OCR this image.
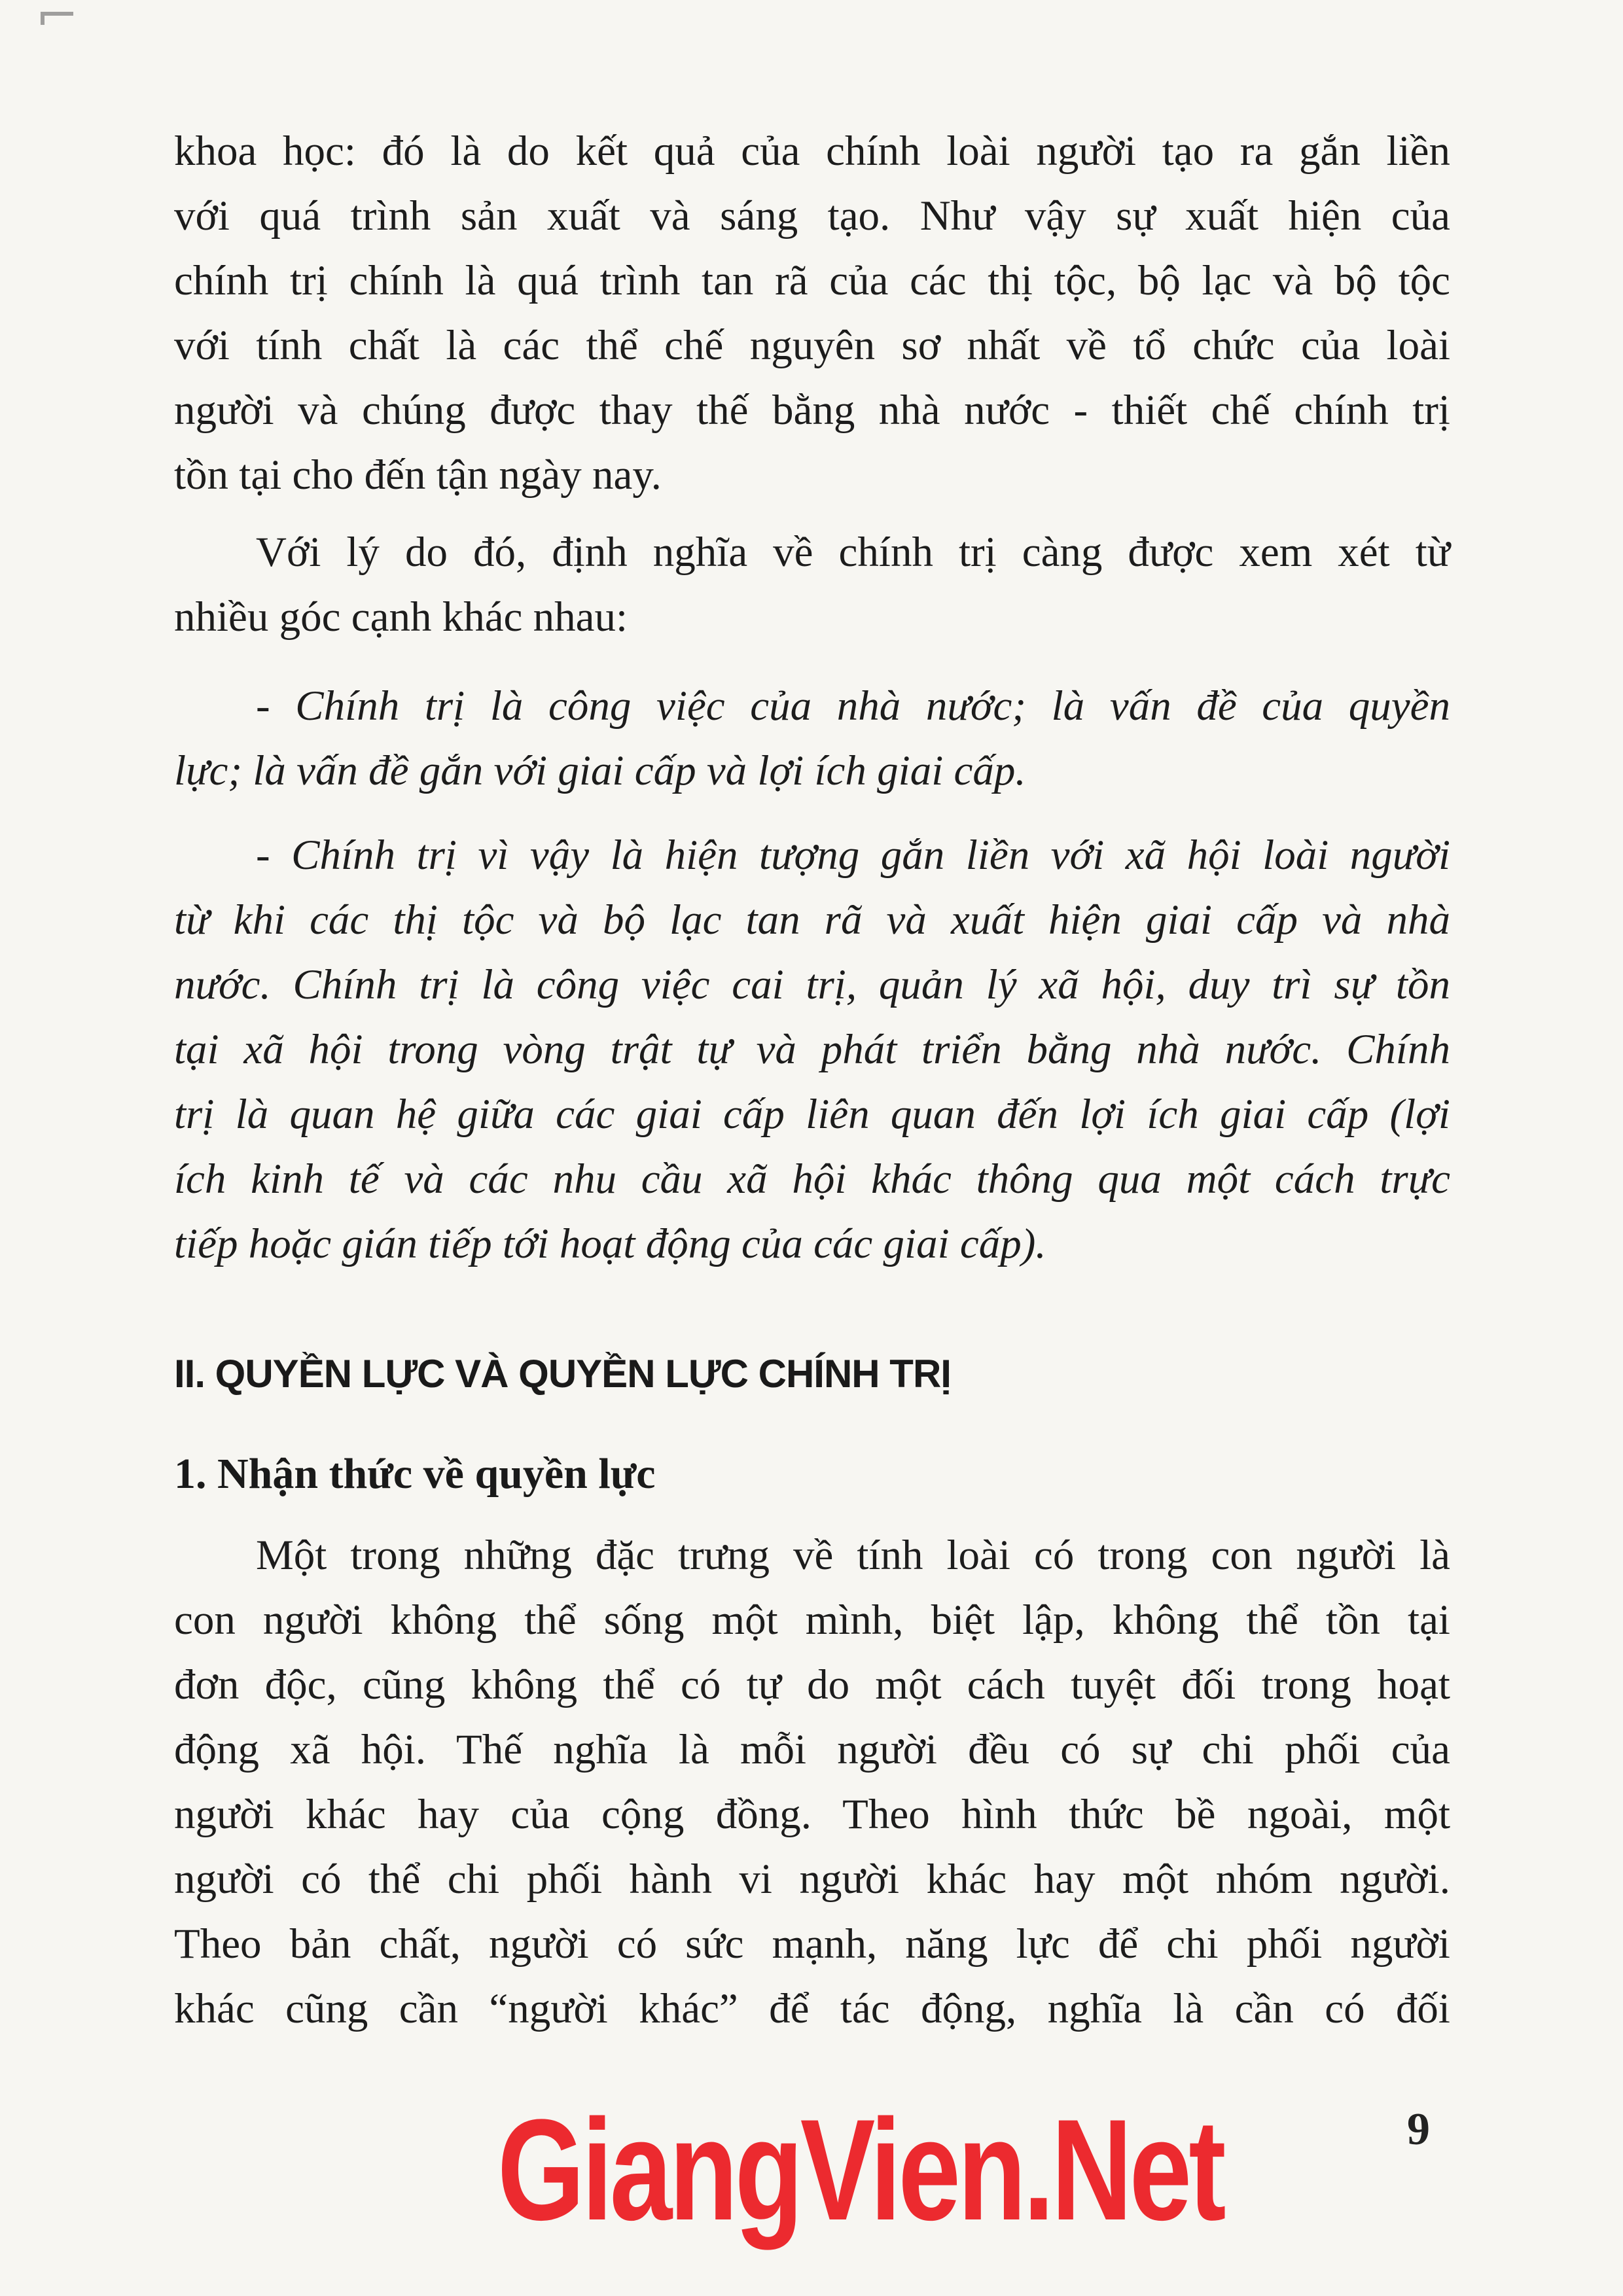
khoa học: đó là do kết quả của chính loài người tạo ra gắn liền
với quá trình sản xuất và sáng tạo. Như vậy sự xuất hiện của
chính trị chính là quá trình tan rã của các thị tộc, bộ lạc và bộ tộc
với tính chất là các thể chế nguyên sơ nhất về tổ chức của loài
người và chúng được thay thế bằng nhà nước - thiết chế chính trị
tồn tại cho đến tận ngày nay.
Với lý do đó, định nghĩa về chính trị càng được xem xét từ
nhiều góc cạnh khác nhau:
- Chính trị là công việc của nhà nước; là vấn đề của quyền
lực; là vấn đề gắn với giai cấp và lợi ích giai cấp.
- Chính trị vì vậy là hiện tượng gắn liền với xã hội loài người
từ khi các thị tộc và bộ lạc tan rã và xuất hiện giai cấp và nhà
nước. Chính trị là công việc cai trị, quản lý xã hội, duy trì sự tồn
tại xã hội trong vòng trật tự và phát triển bằng nhà nước. Chính
trị là quan hệ giữa các giai cấp liên quan đến lợi ích giai cấp (lợi
ích kinh tế và các nhu cầu xã hội khác thông qua một cách trực
tiếp hoặc gián tiếp tới hoạt động của các giai cấp).
II. QUYỀN LỰC VÀ QUYỀN LỰC CHÍNH TRỊ
1. Nhận thức về quyền lực
Một trong những đặc trưng về tính loài có trong con người là
con người không thể sống một mình, biệt lập, không thể tồn tại
đơn độc, cũng không thể có tự do một cách tuyệt đối trong hoạt
động xã hội. Thế nghĩa là mỗi người đều có sự chi phối của
người khác hay của cộng đồng. Theo hình thức bề ngoài, một
người có thể chi phối hành vi người khác hay một nhóm người.
Theo bản chất, người có sức mạnh, năng lực để chi phối người
khác cũng cần “người khác” để tác động, nghĩa là cần có đối
GiangVien.Net	9
